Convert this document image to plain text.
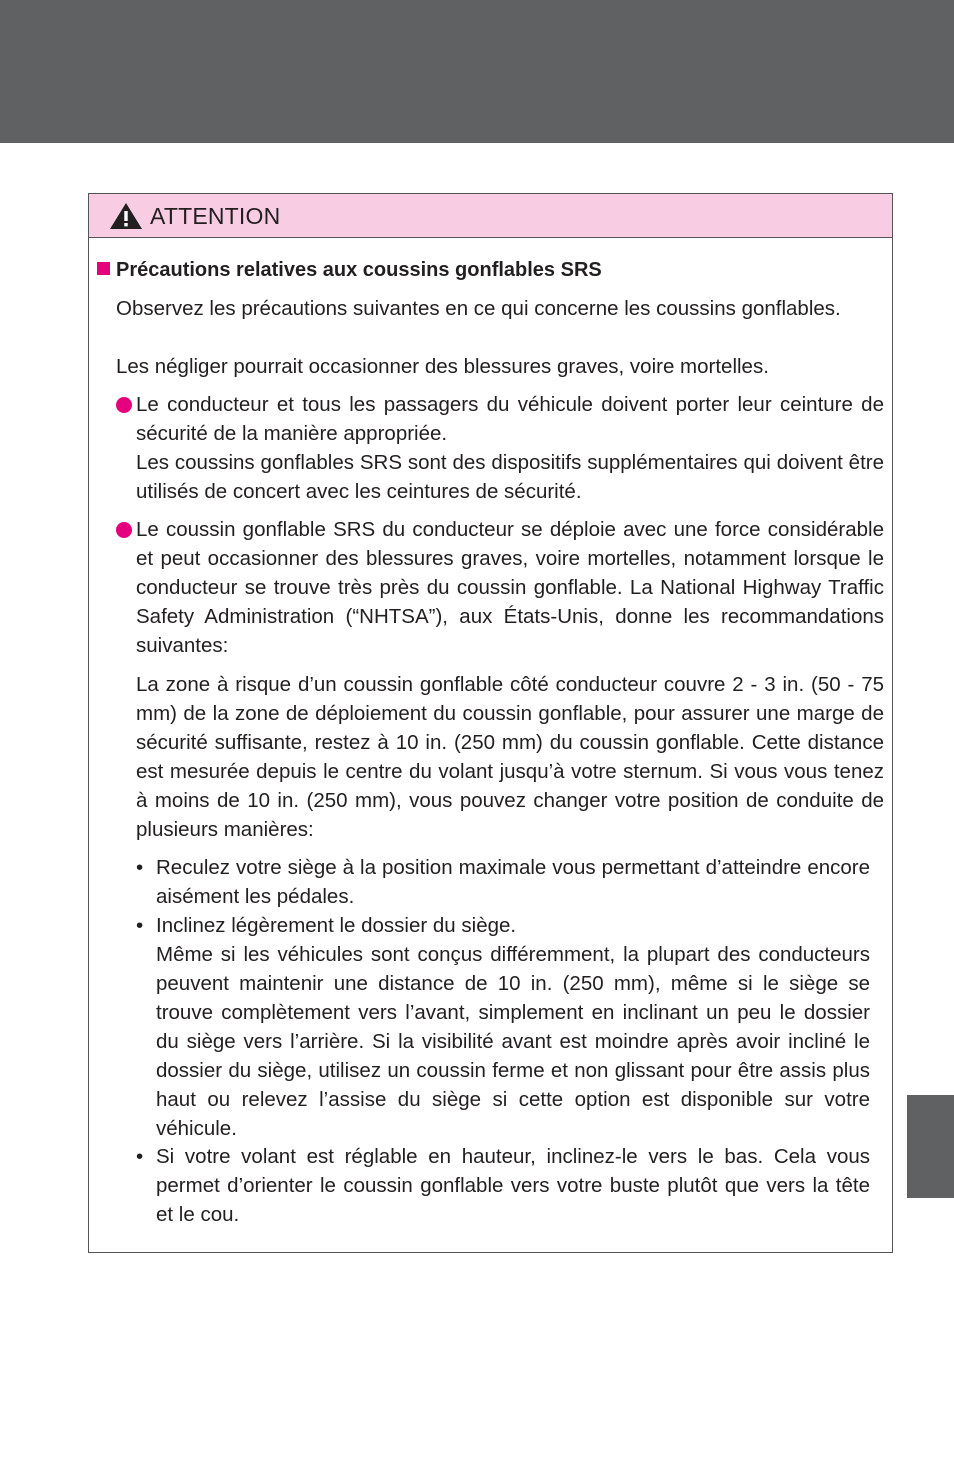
ATTENTION
Précautions relatives aux coussins gonflables SRS

Observez les précautions suivantes en ce qui concerne les coussins gonflables.

Les négliger pourrait occasionner des blessures graves, voire mortelles.

Le conducteur et tous les passagers du véhicule doivent porter leur ceinture de sécurité de la manière appropriée.

Les coussins gonflables SRS sont des dispositifs supplémentaires qui doivent être utilisés de concert avec les ceintures de sécurité.

Le coussin gonflable SRS du conducteur se déploie avec une force considérable et peut occasionner des blessures graves, voire mortelles, notamment lorsque le conducteur se trouve très près du coussin gonflable. La National Highway Traffic Safety Administration (“NHTSA”), aux États-Unis, donne les recommandations suivantes:

La zone à risque d’un coussin gonflable côté conducteur couvre 2 - 3 in. (50 - 75 mm) de la zone de déploiement du coussin gonflable, pour assurer une marge de sécurité suffisante, restez à 10 in. (250 mm) du coussin gonflable. Cette distance est mesurée depuis le centre du volant jusqu’à votre sternum. Si vous vous tenez à moins de 10 in. (250 mm), vous pouvez changer votre position de conduite de plusieurs manières:

• Reculez votre siège à la position maximale vous permettant d’atteindre encore aisément les pédales.

• Inclinez légèrement le dossier du siège.

Même si les véhicules sont conçus différemment, la plupart des conducteurs peuvent maintenir une distance de 10 in. (250 mm), même si le siège se trouve complètement vers l’avant, simplement en inclinant un peu le dossier du siège vers l’arrière. Si la visibilité avant est moindre après avoir incliné le dossier du siège, utilisez un coussin ferme et non glissant pour être assis plus haut ou relevez l’assise du siège si cette option est disponible sur votre véhicule.

• Si votre volant est réglable en hauteur, inclinez-le vers le bas. Cela vous permet d’orienter le coussin gonflable vers votre buste plutôt que vers la tête et le cou.
